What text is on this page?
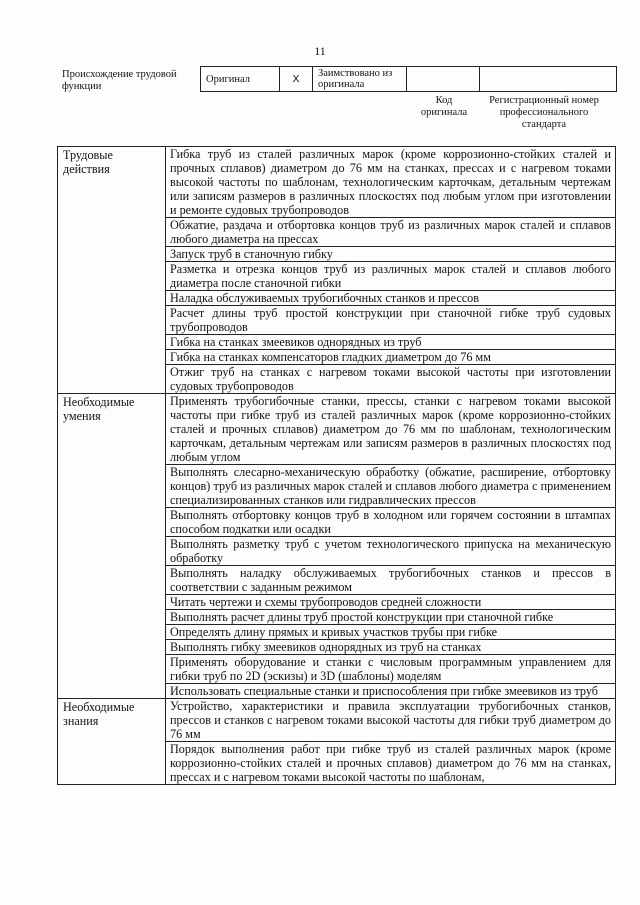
11
Происхождение трудовой функции
Оригинал	X	Заимствовано из оригинала		
Код оригинала
Регистрационный номер профессионального стандарта
Трудовые действия	Гибка труб из сталей различных марок (кроме коррозионно-стойких сталей и прочных сплавов) диаметром до 76 мм на станках, прессах и с нагревом токами высокой частоты по шаблонам, технологическим карточкам, детальным чертежам или записям размеров в различных плоскостях под любым углом при изготовлении и ремонте судовых трубопроводов
	Обжатие, раздача и отбортовка концов труб из различных марок сталей и сплавов любого диаметра на прессах
	Запуск труб в станочную гибку
	Разметка и отрезка концов труб из различных марок сталей и сплавов любого диаметра после станочной гибки
	Наладка обслуживаемых трубогибочных станков и прессов
	Расчет длины труб простой конструкции при станочной гибке труб судовых трубопроводов
	Гибка на станках змеевиков однорядных из труб
	Гибка на станках компенсаторов гладких диаметром до 76 мм
	Отжиг труб на станках с нагревом токами высокой частоты при изготовлении судовых трубопроводов
Необходимые умения	Применять трубогибочные станки, прессы, станки с нагревом токами высокой частоты при гибке труб из сталей различных марок (кроме коррозионно-стойких сталей и прочных сплавов) диаметром до 76 мм по шаблонам, технологическим карточкам, детальным чертежам или записям размеров в различных плоскостях под любым углом
	Выполнять слесарно-механическую обработку (обжатие, расширение, отбортовку концов) труб из различных марок сталей и сплавов любого диаметра с применением специализированных станков или гидравлических прессов
	Выполнять отбортовку концов труб в холодном или горячем состоянии в штампах способом подкатки или осадки
	Выполнять разметку труб с учетом технологического припуска на механическую обработку
	Выполнять наладку обслуживаемых трубогибочных станков и прессов в соответствии с заданным режимом
	Читать чертежи и схемы трубопроводов средней сложности
	Выполнять расчет длины труб простой конструкции при станочной гибке
	Определять длину прямых и кривых участков трубы при гибке
	Выполнять гибку змеевиков однорядных из труб на станках
	Применять оборудование и станки с числовым программным управлением для гибки труб по 2D (эскизы) и 3D (шаблоны) моделям
	Использовать специальные станки и приспособления при гибке змеевиков из труб
Необходимые знания	Устройство, характеристики и правила эксплуатации трубогибочных станков, прессов и станков с нагревом токами высокой частоты для гибки труб диаметром до 76 мм
	Порядок выполнения работ при гибке труб из сталей различных марок (кроме коррозионно-стойких сталей и прочных сплавов) диаметром до 76 мм на станках, прессах и с нагревом токами высокой частоты по шаблонам,
